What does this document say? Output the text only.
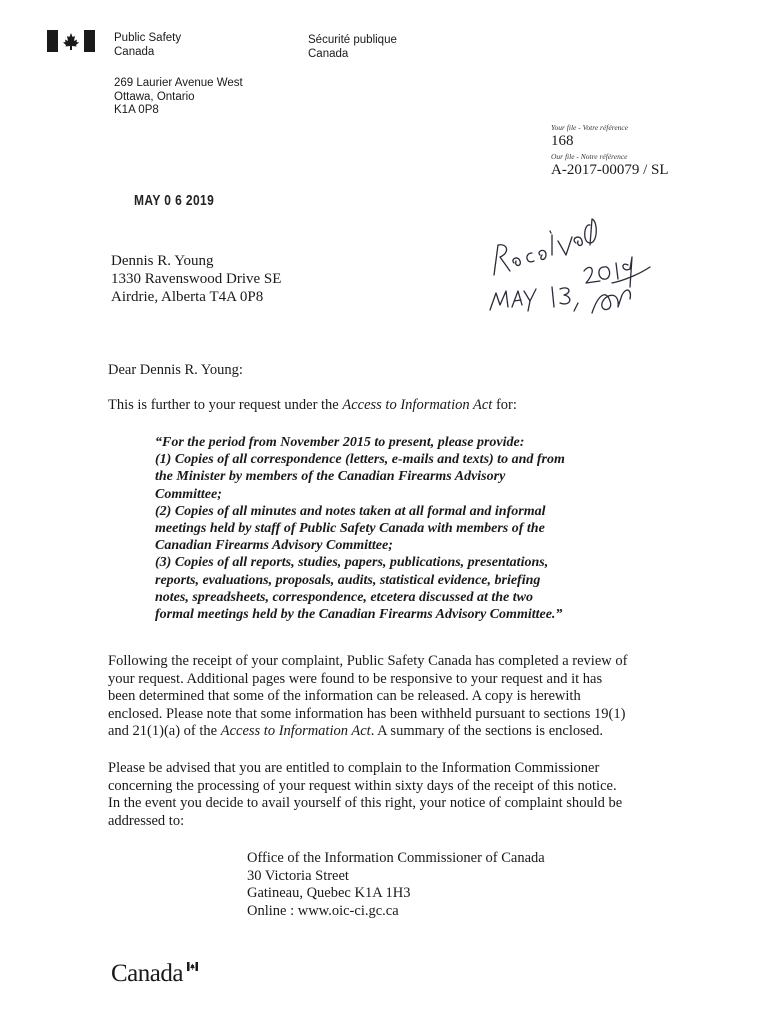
Public Safety
Canada
Sécurité publique
Canada
269 Laurier Avenue West
Ottawa, Ontario
K1A 0P8
Your file - Votre référence
168
Our file - Notre référence
A-2017-00079 / SL
MAY 0 6 2019
Dennis R. Young
1330 Ravenswood Drive SE
Airdrie, Alberta T4A 0P8
Dear Dennis R. Young:
This is further to your request under the Access to Information Act for:
“For the period from November 2015 to present, please provide:
(1) Copies of all correspondence (letters, e-mails and texts) to and from
the Minister by members of the Canadian Firearms Advisory
Committee;
(2) Copies of all minutes and notes taken at all formal and informal
meetings held by staff of Public Safety Canada with members of the
Canadian Firearms Advisory Committee;
(3) Copies of all reports, studies, papers, publications, presentations,
reports, evaluations, proposals, audits, statistical evidence, briefing
notes, spreadsheets, correspondence, etcetera discussed at the two
formal meetings held by the Canadian Firearms Advisory Committee.”
Following the receipt of your complaint, Public Safety Canada has completed a review of
your request. Additional pages were found to be responsive to your request and it has
been determined that some of the information can be released. A copy is herewith
enclosed. Please note that some information has been withheld pursuant to sections 19(1)
and 21(1)(a) of the Access to Information Act. A summary of the sections is enclosed.
Please be advised that you are entitled to complain to the Information Commissioner
concerning the processing of your request within sixty days of the receipt of this notice.
In the event you decide to avail yourself of this right, your notice of complaint should be
addressed to:
Office of the Information Commissioner of Canada
30 Victoria Street
Gatineau, Quebec K1A 1H3
Online : www.oic-ci.gc.ca
Canada
